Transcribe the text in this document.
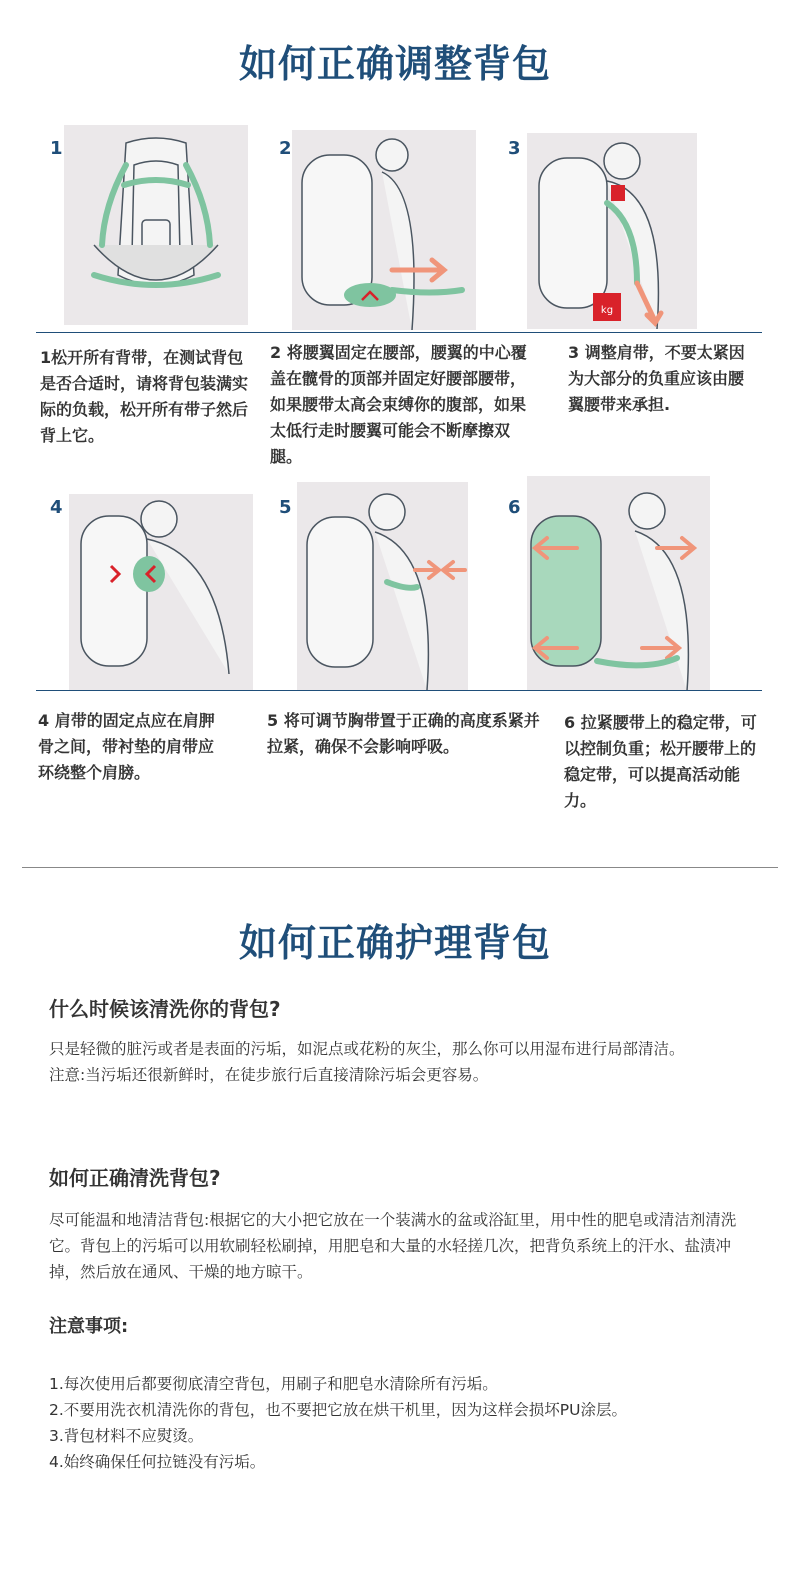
如何正确调整背包
1	2	3
kg
1松开所有背带，在测试背包是否合适时，请将背包装满实际的负载，松开所有带子然后背上它。
2 将腰翼固定在腰部，腰翼的中心覆盖在髋骨的顶部并固定好腰部腰带，如果腰带太高会束缚你的腹部，如果太低行走时腰翼可能会不断摩擦双腿。
3 调整肩带，不要太紧因为大部分的负重应该由腰翼腰带来承担.
4	5	6
4 肩带的固定点应在肩胛骨之间，带衬垫的肩带应环绕整个肩膀。
5 将可调节胸带置于正确的高度系紧并拉紧，确保不会影响呼吸。
6 拉紧腰带上的稳定带，可以控制负重；松开腰带上的稳定带，可以提高活动能力。
如何正确护理背包
什么时候该清洗你的背包?

只是轻微的脏污或者是表面的污垢，如泥点或花粉的灰尘，那么你可以用湿布进行局部清洁。

注意:当污垢还很新鲜时，在徒步旅行后直接清除污垢会更容易。

如何正确清洗背包?
尽可能温和地清洁背包:根据它的大小把它放在一个装满水的盆或浴缸里，用中性的肥皂或清洁剂清洗它。背包上的污垢可以用软刷轻松刷掉，用肥皂和大量的水轻搓几次，把背负系统上的汗水、盐渍冲掉，然后放在通风、干燥的地方晾干。
注意事项:
1.每次使用后都要彻底清空背包，用刷子和肥皂水清除所有污垢。
2.不要用洗衣机清洗你的背包，也不要把它放在烘干机里，因为这样会损坏PU涂层。
3.背包材料不应熨烫。
4.始终确保任何拉链没有污垢。
